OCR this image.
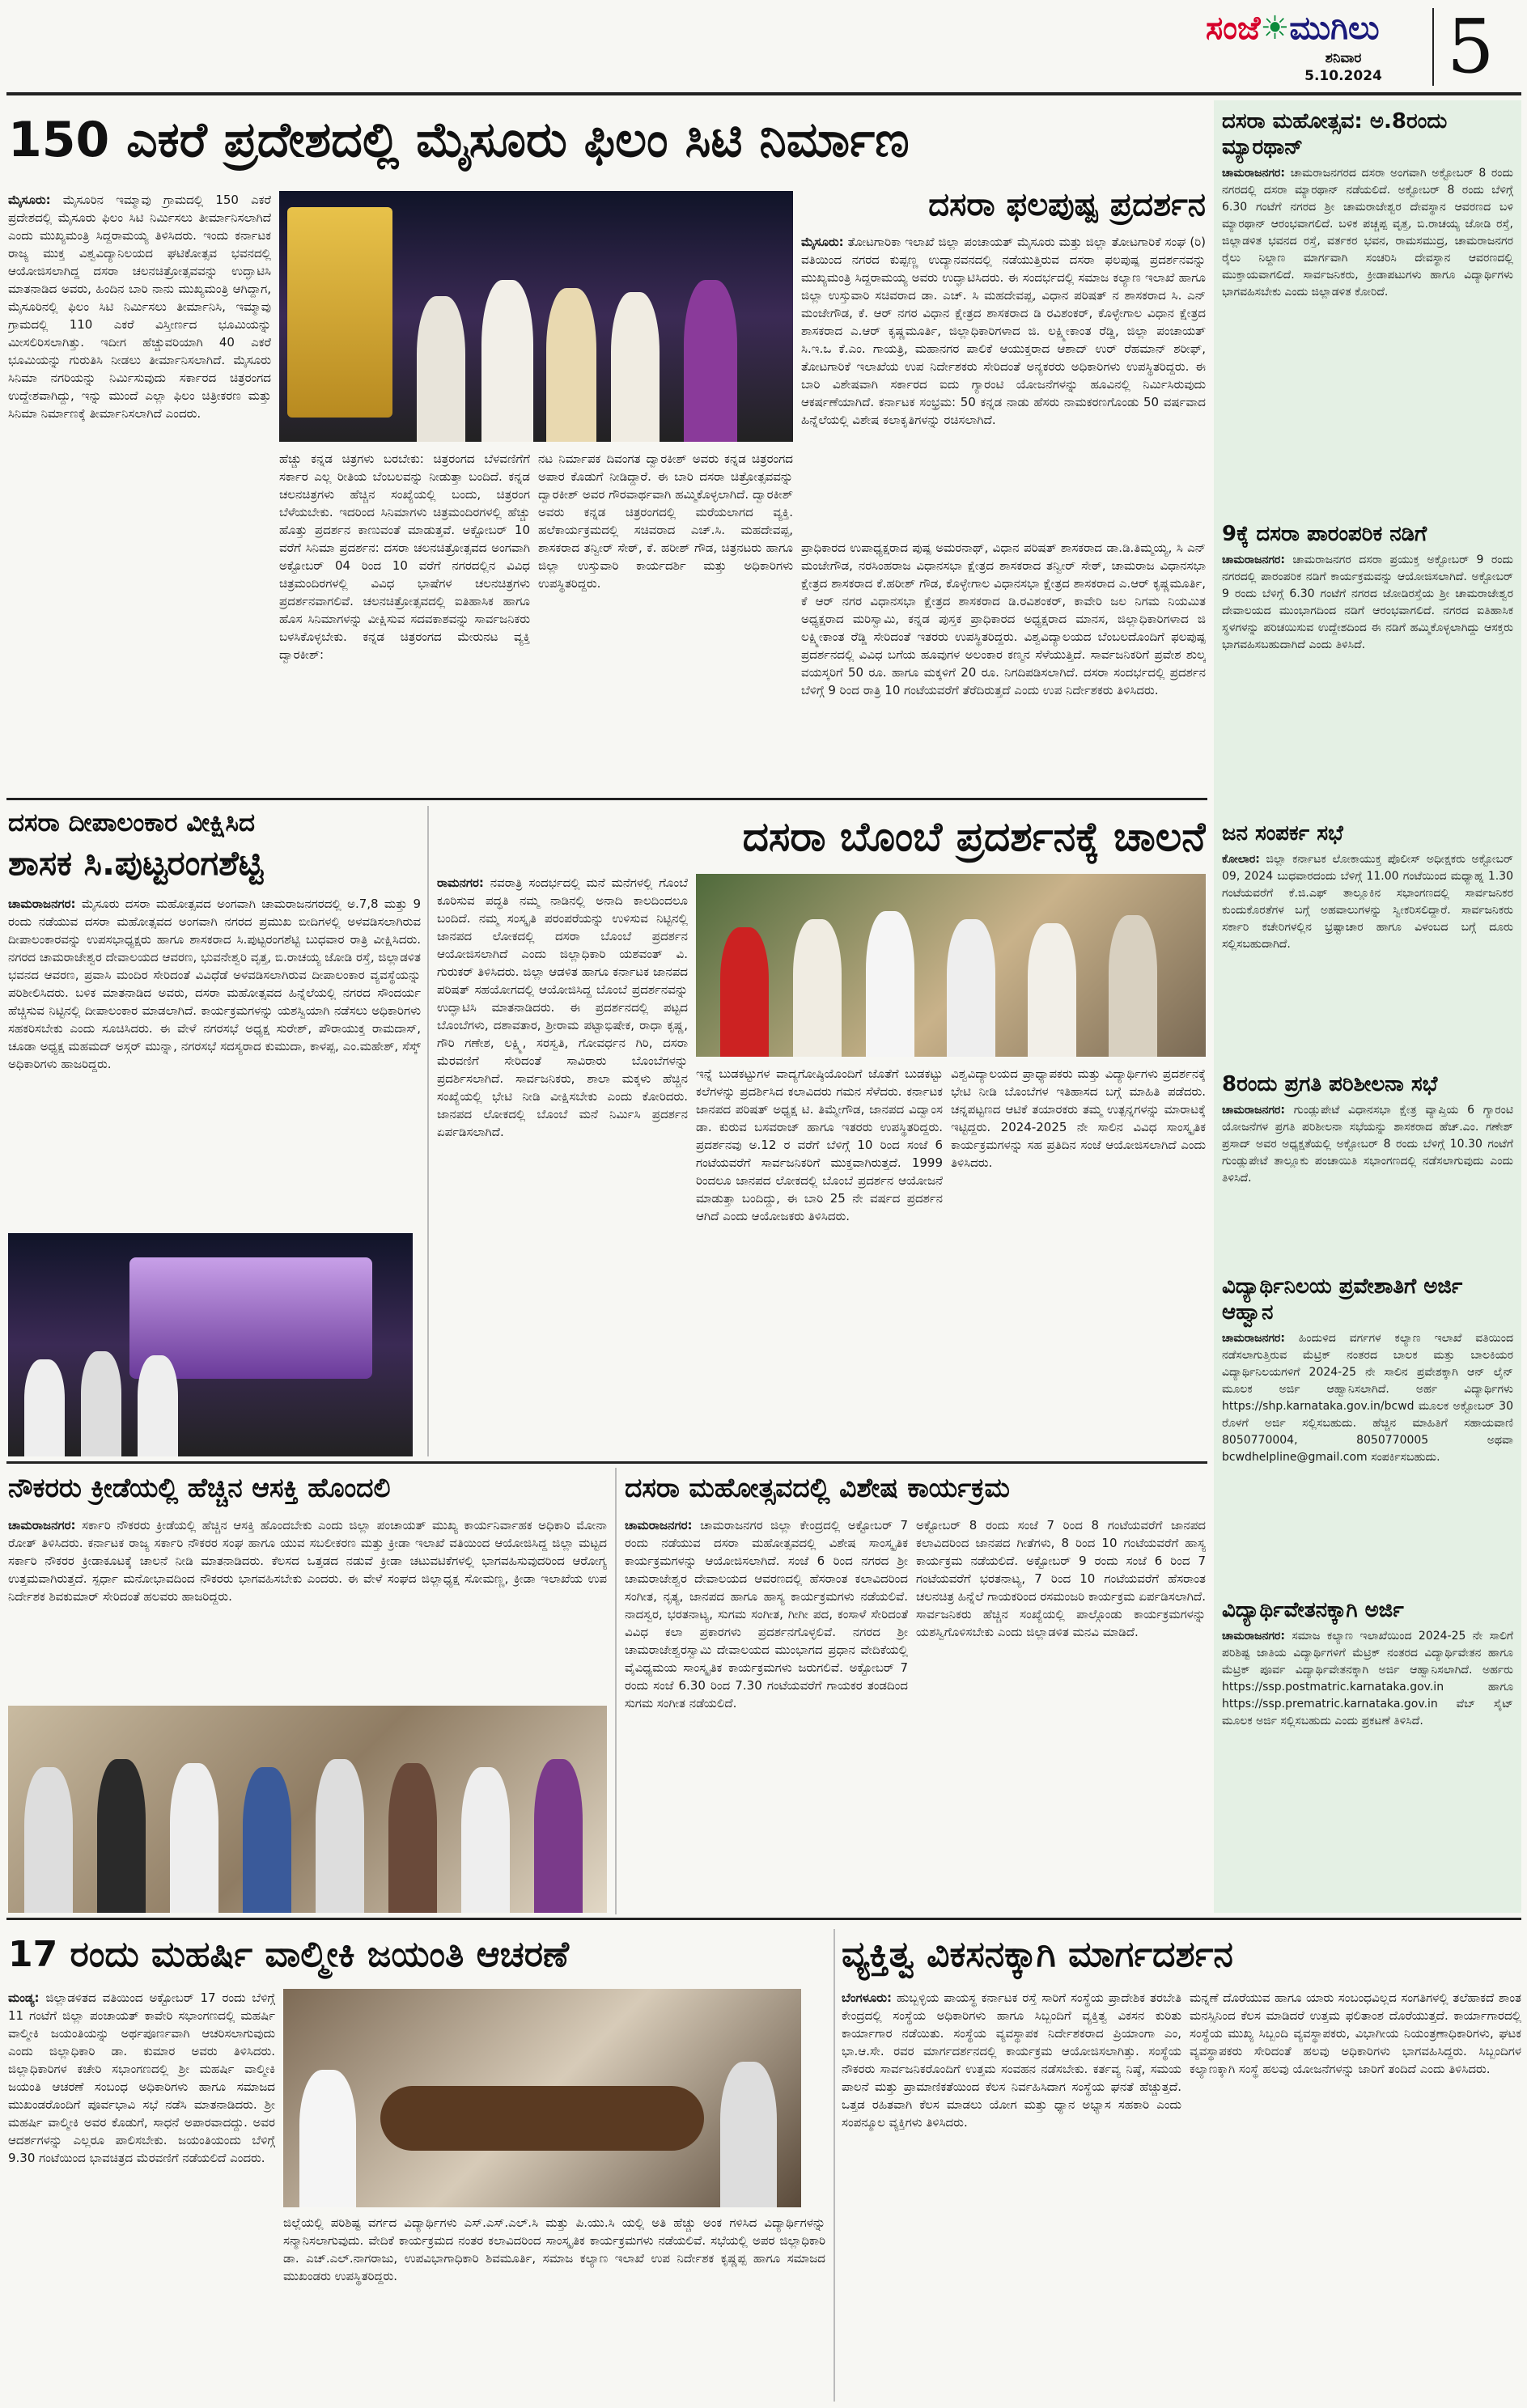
ಸಂಜೆ☀ಮುಗಿಲು
ಶನಿವಾರ
5.10.2024 5
150 ಎಕರೆ ಪ್ರದೇಶದಲ್ಲಿ ಮೈಸೂರು ಫಿಲಂ ಸಿಟಿ ನಿರ್ಮಾಣ
ಮೈಸೂರು: ಮೈಸೂರಿನ ಇಮ್ಮಾವು ಗ್ರಾಮದಲ್ಲಿ 150 ಎಕರೆ ಪ್ರದೇಶದಲ್ಲಿ ಮೈಸೂರು ಫಿಲಂ ಸಿಟಿ ನಿರ್ಮಿಸಲು ತೀರ್ಮಾನಿಸಲಾಗಿದೆ ಎಂದು ಮುಖ್ಯಮಂತ್ರಿ ಸಿದ್ದರಾಮಯ್ಯ ತಿಳಿಸಿದರು. ಇಂದು ಕರ್ನಾಟಕ ರಾಜ್ಯ ಮುಕ್ತ ವಿಶ್ವವಿದ್ಯಾನಿಲಯದ ಘಟಿಕೋತ್ಸವ ಭವನದಲ್ಲಿ ಆಯೋಜಿಸಲಾಗಿದ್ದ ದಸರಾ ಚಲನಚಿತ್ರೋತ್ಸವವನ್ನು ಉದ್ಘಾಟಿಸಿ ಮಾತನಾಡಿದ ಅವರು, ಹಿಂದಿನ ಬಾರಿ ನಾನು ಮುಖ್ಯಮಂತ್ರಿ ಆಗಿದ್ದಾಗ, ಮೈಸೂರಿನಲ್ಲಿ ಫಿಲಂ ಸಿಟಿ ನಿರ್ಮಿಸಲು ತೀರ್ಮಾನಿಸಿ, ಇಮ್ಮಾವು ಗ್ರಾಮದಲ್ಲಿ 110 ಎಕರೆ ವಿಸ್ತೀರ್ಣದ ಭೂಮಿಯನ್ನು ಮೀಸಲಿರಿಸಲಾಗಿತ್ತು. ಇದೀಗ ಹೆಚ್ಚುವರಿಯಾಗಿ 40 ಎಕರೆ ಭೂಮಿಯನ್ನು ಗುರುತಿಸಿ ನೀಡಲು ತೀರ್ಮಾನಿಸಲಾಗಿದೆ. ಮೈಸೂರು ಸಿನಿಮಾ ನಗರಿಯನ್ನು ನಿರ್ಮಿಸುವುದು ಸರ್ಕಾರದ ಚಿತ್ರರಂಗದ ಉದ್ದೇಶವಾಗಿದ್ದು, ಇನ್ನು ಮುಂದೆ ಎಲ್ಲಾ ಫಿಲಂ ಚಿತ್ರೀಕರಣ ಮತ್ತು ಸಿನಿಮಾ ನಿರ್ಮಾಣಕ್ಕೆ ತೀರ್ಮಾನಿಸಲಾಗಿದೆ ಎಂದರು.
ಹೆಚ್ಚು ಕನ್ನಡ ಚಿತ್ರಗಳು ಬರಬೇಕು: ಚಿತ್ರರಂಗದ ಬೆಳವಣಿಗೆಗೆ ಸರ್ಕಾರ ಎಲ್ಲ ರೀತಿಯ ಬೆಂಬಲವನ್ನು ನೀಡುತ್ತಾ ಬಂದಿದೆ. ಕನ್ನಡ ಚಲನಚಿತ್ರಗಳು ಹೆಚ್ಚಿನ ಸಂಖ್ಯೆಯಲ್ಲಿ ಬಂದು, ಚಿತ್ರರಂಗ ಬೆಳೆಯಬೇಕು. ಇದರಿಂದ ಸಿನಿಮಾಗಳು ಚಿತ್ರಮಂದಿರಗಳಲ್ಲಿ ಹೆಚ್ಚು ಹೊತ್ತು ಪ್ರದರ್ಶನ ಕಾಣುವಂತೆ ಮಾಡುತ್ತವೆ. ಅಕ್ಟೋಬರ್ 10 ವರೆಗೆ ಸಿನಿಮಾ ಪ್ರದರ್ಶನ: ದಸರಾ ಚಲನಚಿತ್ರೋತ್ಸವದ ಅಂಗವಾಗಿ ಅಕ್ಟೋಬರ್ 04 ರಿಂದ 10 ವರೆಗೆ ನಗರದಲ್ಲಿನ ವಿವಿಧ ಚಿತ್ರಮಂದಿರಗಳಲ್ಲಿ ವಿವಿಧ ಭಾಷೆಗಳ ಚಲನಚಿತ್ರಗಳು ಪ್ರದರ್ಶನವಾಗಲಿವೆ. ಚಲನಚಿತ್ರೋತ್ಸವದಲ್ಲಿ ಐತಿಹಾಸಿಕ ಹಾಗೂ ಹೊಸ ಸಿನಿಮಾಗಳನ್ನು ವೀಕ್ಷಿಸುವ ಸದವಕಾಶವನ್ನು ಸಾರ್ವಜನಿಕರು ಬಳಸಿಕೊಳ್ಳಬೇಕು. ಕನ್ನಡ ಚಿತ್ರರಂಗದ ಮೇರುನಟ ವ್ಯಕ್ತಿ ದ್ವಾರಕೀಶ್:
ನಟ ನಿರ್ಮಾಪಕ ದಿವಂಗತ ದ್ವಾರಕೀಶ್ ಅವರು ಕನ್ನಡ ಚಿತ್ರರಂಗದ ಅಪಾರ ಕೊಡುಗೆ ನೀಡಿದ್ದಾರೆ. ಈ ಬಾರಿ ದಸರಾ ಚಿತ್ರೋತ್ಸವವನ್ನು ದ್ವಾರಕೀಶ್ ಅವರ ಗೌರವಾರ್ಥವಾಗಿ ಹಮ್ಮಿಕೊಳ್ಳಲಾಗಿದೆ. ದ್ವಾರಕೀಶ್ ಅವರು ಕನ್ನಡ ಚಿತ್ರರಂಗದಲ್ಲಿ ಮರೆಯಲಾಗದ ವ್ಯಕ್ತಿ. ಹಲೆಕಾರ್ಯಕ್ರಮದಲ್ಲಿ ಸಚಿವರಾದ ಎಚ್.ಸಿ. ಮಹದೇವಪ್ಪ, ಶಾಸಕರಾದ ತನ್ವೀರ್ ಸೇಠ್, ಕೆ. ಹರೀಶ್ ಗೌಡ, ಚಿತ್ರನಟರು ಹಾಗೂ ಜಿಲ್ಲಾ ಉಸ್ತುವಾರಿ ಕಾರ್ಯದರ್ಶಿ ಮತ್ತು ಅಧಿಕಾರಿಗಳು ಉಪಸ್ಥಿತರಿದ್ದರು.
ದಸರಾ ಫಲಪುಷ್ಪ ಪ್ರದರ್ಶನ
ಮೈಸೂರು: ತೋಟಗಾರಿಕಾ ಇಲಾಖೆ ಜಿಲ್ಲಾ ಪಂಚಾಯತ್ ಮೈಸೂರು ಮತ್ತು ಜಿಲ್ಲಾ ತೋಟಗಾರಿಕೆ ಸಂಘ (ರಿ) ವತಿಯಿಂದ ನಗರದ ಕುಪ್ಪಣ್ಣ ಉದ್ಯಾನವನದಲ್ಲಿ ನಡೆಯುತ್ತಿರುವ ದಸರಾ ಫಲಪುಷ್ಪ ಪ್ರದರ್ಶನವನ್ನು ಮುಖ್ಯಮಂತ್ರಿ ಸಿದ್ದರಾಮಯ್ಯ ಅವರು ಉದ್ಘಾಟಿಸಿದರು. ಈ ಸಂದರ್ಭದಲ್ಲಿ ಸಮಾಜ ಕಲ್ಯಾಣ ಇಲಾಖೆ ಹಾಗೂ ಜಿಲ್ಲಾ ಉಸ್ತುವಾರಿ ಸಚಿವರಾದ ಡಾ. ಎಚ್. ಸಿ ಮಹದೇವಪ್ಪ, ವಿಧಾನ ಪರಿಷತ್ ನ ಶಾಸಕರಾದ ಸಿ. ಎನ್ ಮಂಜೇಗೌಡ, ಕೆ. ಆರ್ ನಗರ ವಿಧಾನ ಕ್ಷೇತ್ರದ ಶಾಸಕರಾದ ಡಿ ರವಿಶಂಕರ್, ಕೊಳ್ಳೇಗಾಲ ವಿಧಾನ ಕ್ಷೇತ್ರದ ಶಾಸಕರಾದ ಎ.ಆರ್ ಕೃಷ್ಣಮೂರ್ತಿ, ಜಿಲ್ಲಾಧಿಕಾರಿಗಳಾದ ಜಿ. ಲಕ್ಷ್ಮೀಕಾಂತ ರೆಡ್ಡಿ, ಜಿಲ್ಲಾ ಪಂಚಾಯತ್ ಸಿ.ಇ.ಒ ಕೆ.ಎಂ. ಗಾಯತ್ರಿ, ಮಹಾನಗರ ಪಾಲಿಕೆ ಆಯುಕ್ತರಾದ ಆಶಾದ್ ಉರ್ ರೆಹಮಾನ್ ಶರೀಫ್, ತೋಟಗಾರಿಕೆ ಇಲಾಖೆಯ ಉಪ ನಿರ್ದೇಶಕರು ಸೇರಿದಂತೆ ಅನ್ಯಕರರು ಅಧಿಕಾರಿಗಳು ಉಪಸ್ಥಿತರಿದ್ದರು. ಈ ಬಾರಿ ವಿಶೇಷವಾಗಿ ಸರ್ಕಾರದ ಐದು ಗ್ಯಾರಂಟಿ ಯೋಜನೆಗಳನ್ನು ಹೂವಿನಲ್ಲಿ ನಿರ್ಮಿಸಿರುವುದು ಆಕರ್ಷಣೆಯಾಗಿದೆ. ಕರ್ನಾಟಕ ಸಂಭ್ರಮ: 50 ಕನ್ನಡ ನಾಡು ಹೆಸರು ನಾಮಕರಣಗೊಂಡು 50 ವರ್ಷವಾದ ಹಿನ್ನೆಲೆಯಲ್ಲಿ ವಿಶೇಷ ಕಲಾಕೃತಿಗಳನ್ನು ರಚಿಸಲಾಗಿದೆ.
ಪ್ರಾಧಿಕಾರದ ಉಪಾಧ್ಯಕ್ಷರಾದ ಪುಷ್ಪ ಅಮರನಾಥ್, ವಿಧಾನ ಪರಿಷತ್ ಶಾಸಕರಾದ ಡಾ.ಡಿ.ತಿಮ್ಮಯ್ಯ, ಸಿ ಎನ್ ಮಂಜೇಗೌಡ, ನರಸಿಂಹರಾಜ ವಿಧಾನಸಭಾ ಕ್ಷೇತ್ರದ ಶಾಸಕರಾದ ತನ್ವೀರ್ ಸೇಠ್, ಚಾಮರಾಜ ವಿಧಾನಸಭಾ ಕ್ಷೇತ್ರದ ಶಾಸಕರಾದ ಕೆ.ಹರೀಶ್ ಗೌಡ, ಕೊಳ್ಳೇಗಾಲ ವಿಧಾನಸಭಾ ಕ್ಷೇತ್ರದ ಶಾಸಕರಾದ ಎ.ಆರ್ ಕೃಷ್ಣಮೂರ್ತಿ, ಕೆ ಆರ್ ನಗರ ವಿಧಾನಸಭಾ ಕ್ಷೇತ್ರದ ಶಾಸಕರಾದ ಡಿ.ರವಿಶಂಕರ್, ಕಾವೇರಿ ಜಲ ನಿಗಮ ನಿಯಮಿತ ಅಧ್ಯಕ್ಷರಾದ ಮರಿಸ್ವಾಮಿ, ಕನ್ನಡ ಪುಸ್ತಕ ಪ್ರಾಧಿಕಾರದ ಅಧ್ಯಕ್ಷರಾದ ಮಾನಸ, ಜಿಲ್ಲಾಧಿಕಾರಿಗಳಾದ ಜಿ ಲಕ್ಷ್ಮೀಕಾಂತ ರೆಡ್ಡಿ ಸೇರಿದಂತೆ ಇತರರು ಉಪಸ್ಥಿತರಿದ್ದರು. ವಿಶ್ವವಿದ್ಯಾಲಯದ ಬೆಂಬಲದೊಂದಿಗೆ ಫಲಪುಷ್ಪ ಪ್ರದರ್ಶನದಲ್ಲಿ ವಿವಿಧ ಬಗೆಯ ಹೂವುಗಳ ಅಲಂಕಾರ ಕಣ್ಮನ ಸೆಳೆಯುತ್ತಿದೆ. ಸಾರ್ವಜನಿಕರಿಗೆ ಪ್ರವೇಶ ಶುಲ್ಕ ವಯಸ್ಕರಿಗೆ 50 ರೂ. ಹಾಗೂ ಮಕ್ಕಳಿಗೆ 20 ರೂ. ನಿಗದಿಪಡಿಸಲಾಗಿದೆ. ದಸರಾ ಸಂದರ್ಭದಲ್ಲಿ ಪ್ರದರ್ಶನ ಬೆಳಿಗ್ಗೆ 9 ರಿಂದ ರಾತ್ರಿ 10 ಗಂಟೆಯವರೆಗೆ ತೆರೆದಿರುತ್ತದೆ ಎಂದು ಉಪ ನಿರ್ದೇಶಕರು ತಿಳಿಸಿದರು.
ದಸರಾ ದೀಪಾಲಂಕಾರ ವೀಕ್ಷಿಸಿದ
ಶಾಸಕ ಸಿ.ಪುಟ್ಟರಂಗಶೆಟ್ಟಿ
ಚಾಮರಾಜನಗರ: ಮೈಸೂರು ದಸರಾ ಮಹೋತ್ಸವದ ಅಂಗವಾಗಿ ಚಾಮರಾಜನಗರದಲ್ಲಿ ಅ.7,8 ಮತ್ತು 9 ರಂದು ನಡೆಯುವ ದಸರಾ ಮಹೋತ್ಸವದ ಅಂಗವಾಗಿ ನಗರದ ಪ್ರಮುಖ ಬೀದಿಗಳಲ್ಲಿ ಅಳವಡಿಸಲಾಗಿರುವ ದೀಪಾಲಂಕಾರವನ್ನು ಉಪಸಭಾಧ್ಯಕ್ಷರು ಹಾಗೂ ಶಾಸಕರಾದ ಸಿ.ಪುಟ್ಟರಂಗಶೆಟ್ಟಿ ಬುಧವಾರ ರಾತ್ರಿ ವೀಕ್ಷಿಸಿದರು. ನಗರದ ಚಾಮರಾಜೇಶ್ವರ ದೇವಾಲಯದ ಆವರಣ, ಭುವನೇಶ್ವರಿ ವೃತ್ತ, ಬಿ.ರಾಚಯ್ಯ ಜೋಡಿ ರಸ್ತೆ, ಜಿಲ್ಲಾಡಳಿತ ಭವನದ ಆವರಣ, ಪ್ರವಾಸಿ ಮಂದಿರ ಸೇರಿದಂತೆ ವಿವಿಧೆಡೆ ಅಳವಡಿಸಲಾಗಿರುವ ದೀಪಾಲಂಕಾರ ವ್ಯವಸ್ಥೆಯನ್ನು ಪರಿಶೀಲಿಸಿದರು. ಬಳಿಕ ಮಾತನಾಡಿದ ಅವರು, ದಸರಾ ಮಹೋತ್ಸವದ ಹಿನ್ನೆಲೆಯಲ್ಲಿ ನಗರದ ಸೌಂದರ್ಯ ಹೆಚ್ಚಿಸುವ ನಿಟ್ಟಿನಲ್ಲಿ ದೀಪಾಲಂಕಾರ ಮಾಡಲಾಗಿದೆ. ಕಾರ್ಯಕ್ರಮಗಳನ್ನು ಯಶಸ್ವಿಯಾಗಿ ನಡೆಸಲು ಅಧಿಕಾರಿಗಳು ಸಹಕರಿಸಬೇಕು ಎಂದು ಸೂಚಿಸಿದರು. ಈ ವೇಳೆ ನಗರಸಭೆ ಅಧ್ಯಕ್ಷ ಸುರೇಶ್, ಪೌರಾಯುಕ್ತ ರಾಮದಾಸ್, ಚೂಡಾ ಅಧ್ಯಕ್ಷ ಮಹಮದ್ ಅಸ್ಗರ್ ಮುನ್ನಾ, ನಗರಸಭೆ ಸದಸ್ಯರಾದ ಕುಮುದಾ, ಕಾಳಪ್ಪ, ಎಂ.ಮಹೇಶ್, ಸೆಸ್ಕ್ ಅಧಿಕಾರಿಗಳು ಹಾಜರಿದ್ದರು.
ದಸರಾ ಬೊಂಬೆ ಪ್ರದರ್ಶನಕ್ಕೆ ಚಾಲನೆ
ರಾಮನಗರ: ನವರಾತ್ರಿ ಸಂದರ್ಭದಲ್ಲಿ ಮನೆ ಮನೆಗಳಲ್ಲಿ ಗೊಂಬೆ ಕೂರಿಸುವ ಪದ್ಧತಿ ನಮ್ಮ ನಾಡಿನಲ್ಲಿ ಅನಾದಿ ಕಾಲದಿಂದಲೂ ಬಂದಿದೆ. ನಮ್ಮ ಸಂಸ್ಕೃತಿ ಪರಂಪರೆಯನ್ನು ಉಳಿಸುವ ನಿಟ್ಟಿನಲ್ಲಿ ಜಾನಪದ ಲೋಕದಲ್ಲಿ ದಸರಾ ಬೊಂಬೆ ಪ್ರದರ್ಶನ ಆಯೋಜಿಸಲಾಗಿದೆ ಎಂದು ಜಿಲ್ಲಾಧಿಕಾರಿ ಯಶವಂತ್ ವಿ. ಗುರುಕರ್ ತಿಳಿಸಿದರು. ಜಿಲ್ಲಾ ಆಡಳಿತ ಹಾಗೂ ಕರ್ನಾಟಕ ಜಾನಪದ ಪರಿಷತ್ ಸಹಯೋಗದಲ್ಲಿ ಆಯೋಜಿಸಿದ್ದ ಬೊಂಬೆ ಪ್ರದರ್ಶನವನ್ನು ಉದ್ಘಾಟಿಸಿ ಮಾತನಾಡಿದರು. ಈ ಪ್ರದರ್ಶನದಲ್ಲಿ ಪಟ್ಟದ ಬೊಂಬೆಗಳು, ದಶಾವತಾರ, ಶ್ರೀರಾಮ ಪಟ್ಟಾಭಿಷೇಕ, ರಾಧಾ ಕೃಷ್ಣ, ಗೌರಿ ಗಣೇಶ, ಲಕ್ಷ್ಮಿ, ಸರಸ್ವತಿ, ಗೋವರ್ಧನ ಗಿರಿ, ದಸರಾ ಮೆರವಣಿಗೆ ಸೇರಿದಂತೆ ಸಾವಿರಾರು ಬೊಂಬೆಗಳನ್ನು ಪ್ರದರ್ಶಿಸಲಾಗಿದೆ. ಸಾರ್ವಜನಿಕರು, ಶಾಲಾ ಮಕ್ಕಳು ಹೆಚ್ಚಿನ ಸಂಖ್ಯೆಯಲ್ಲಿ ಭೇಟಿ ನೀಡಿ ವೀಕ್ಷಿಸಬೇಕು ಎಂದು ಕೋರಿದರು. ಜಾನಪದ ಲೋಕದಲ್ಲಿ ಬೊಂಬೆ ಮನೆ ನಿರ್ಮಿಸಿ ಪ್ರದರ್ಶನ ಏರ್ಪಡಿಸಲಾಗಿದೆ.
ಇನ್ನೆ ಬುಡಕಟ್ಟುಗಳ ವಾದ್ಯಗೋಷ್ಠಿಯೊಂದಿಗೆ ಜೊತೆಗೆ ಬುಡಕಟ್ಟು ಕಲೆಗಳನ್ನು ಪ್ರದರ್ಶಿಸಿದ ಕಲಾವಿದರು ಗಮನ ಸೆಳೆದರು. ಕರ್ನಾಟಕ ಜಾನಪದ ಪರಿಷತ್ ಅಧ್ಯಕ್ಷ ಟಿ. ತಿಮ್ಮೇಗೌಡ, ಜಾನಪದ ವಿದ್ವಾಂಸ ಡಾ. ಕುರುವ ಬಸವರಾಜ್ ಹಾಗೂ ಇತರರು ಉಪಸ್ಥಿತರಿದ್ದರು. ಪ್ರದರ್ಶನವು ಅ.12 ರ ವರೆಗೆ ಬೆಳಿಗ್ಗೆ 10 ರಿಂದ ಸಂಜೆ 6 ಗಂಟೆಯವರೆಗೆ ಸಾರ್ವಜನಿಕರಿಗೆ ಮುಕ್ತವಾಗಿರುತ್ತದೆ. 1999 ರಿಂದಲೂ ಜಾನಪದ ಲೋಕದಲ್ಲಿ ಬೊಂಬೆ ಪ್ರದರ್ಶನ ಆಯೋಜನೆ ಮಾಡುತ್ತಾ ಬಂದಿದ್ದು, ಈ ಬಾರಿ 25 ನೇ ವರ್ಷದ ಪ್ರದರ್ಶನ ಆಗಿದೆ ಎಂದು ಆಯೋಜಕರು ತಿಳಿಸಿದರು.
ವಿಶ್ವವಿದ್ಯಾಲಯದ ಪ್ರಾಧ್ಯಾಪಕರು ಮತ್ತು ವಿದ್ಯಾರ್ಥಿಗಳು ಪ್ರದರ್ಶನಕ್ಕೆ ಭೇಟಿ ನೀಡಿ ಬೊಂಬೆಗಳ ಇತಿಹಾಸದ ಬಗ್ಗೆ ಮಾಹಿತಿ ಪಡೆದರು. ಚನ್ನಪಟ್ಟಣದ ಆಟಿಕೆ ತಯಾರಕರು ತಮ್ಮ ಉತ್ಪನ್ನಗಳನ್ನು ಮಾರಾಟಕ್ಕೆ ಇಟ್ಟಿದ್ದರು. 2024-2025 ನೇ ಸಾಲಿನ ವಿವಿಧ ಸಾಂಸ್ಕೃತಿಕ ಕಾರ್ಯಕ್ರಮಗಳನ್ನು ಸಹ ಪ್ರತಿದಿನ ಸಂಜೆ ಆಯೋಜಿಸಲಾಗಿದೆ ಎಂದು ತಿಳಿಸಿದರು.
ನೌಕರರು ಕ್ರೀಡೆಯಲ್ಲಿ ಹೆಚ್ಚಿನ ಆಸಕ್ತಿ ಹೊಂದಲಿ
ಚಾಮರಾಜನಗರ: ಸರ್ಕಾರಿ ನೌಕರರು ಕ್ರೀಡೆಯಲ್ಲಿ ಹೆಚ್ಚಿನ ಆಸಕ್ತಿ ಹೊಂದಬೇಕು ಎಂದು ಜಿಲ್ಲಾ ಪಂಚಾಯತ್ ಮುಖ್ಯ ಕಾರ್ಯನಿರ್ವಾಹಕ ಅಧಿಕಾರಿ ಮೋನಾ ರೋತ್ ತಿಳಿಸಿದರು. ಕರ್ನಾಟಕ ರಾಜ್ಯ ಸರ್ಕಾರಿ ನೌಕರರ ಸಂಘ ಹಾಗೂ ಯುವ ಸಬಲೀಕರಣ ಮತ್ತು ಕ್ರೀಡಾ ಇಲಾಖೆ ವತಿಯಿಂದ ಆಯೋಜಿಸಿದ್ದ ಜಿಲ್ಲಾ ಮಟ್ಟದ ಸರ್ಕಾರಿ ನೌಕರರ ಕ್ರೀಡಾಕೂಟಕ್ಕೆ ಚಾಲನೆ ನೀಡಿ ಮಾತನಾಡಿದರು. ಕೆಲಸದ ಒತ್ತಡದ ನಡುವೆ ಕ್ರೀಡಾ ಚಟುವಟಿಕೆಗಳಲ್ಲಿ ಭಾಗವಹಿಸುವುದರಿಂದ ಆರೋಗ್ಯ ಉತ್ತಮವಾಗಿರುತ್ತದೆ. ಸ್ಪರ್ಧಾ ಮನೋಭಾವದಿಂದ ನೌಕರರು ಭಾಗವಹಿಸಬೇಕು ಎಂದರು. ಈ ವೇಳೆ ಸಂಘದ ಜಿಲ್ಲಾಧ್ಯಕ್ಷ ಸೋಮಣ್ಣ, ಕ್ರೀಡಾ ಇಲಾಖೆಯ ಉಪ ನಿರ್ದೇಶಕ ಶಿವಕುಮಾರ್ ಸೇರಿದಂತೆ ಹಲವರು ಹಾಜರಿದ್ದರು.
ದಸರಾ ಮಹೋತ್ಸವದಲ್ಲಿ ವಿಶೇಷ ಕಾರ್ಯಕ್ರಮ
ಚಾಮರಾಜನಗರ: ಚಾಮರಾಜನಗರ ಜಿಲ್ಲಾ ಕೇಂದ್ರದಲ್ಲಿ ಅಕ್ಟೋಬರ್ 7 ರಂದು ನಡೆಯುವ ದಸರಾ ಮಹೋತ್ಸವದಲ್ಲಿ ವಿಶೇಷ ಸಾಂಸ್ಕೃತಿಕ ಕಾರ್ಯಕ್ರಮಗಳನ್ನು ಆಯೋಜಿಸಲಾಗಿದೆ. ಸಂಜೆ 6 ರಿಂದ ನಗರದ ಶ್ರೀ ಚಾಮರಾಜೇಶ್ವರ ದೇವಾಲಯದ ಆವರಣದಲ್ಲಿ ಹೆಸರಾಂತ ಕಲಾವಿದರಿಂದ ಸಂಗೀತ, ನೃತ್ಯ, ಜಾನಪದ ಹಾಗೂ ಹಾಸ್ಯ ಕಾರ್ಯಕ್ರಮಗಳು ನಡೆಯಲಿವೆ. ನಾದಸ್ವರ, ಭರತನಾಟ್ಯ, ಸುಗಮ ಸಂಗೀತ, ಗೀಗೀ ಪದ, ಕಂಸಾಳೆ ಸೇರಿದಂತೆ ವಿವಿಧ ಕಲಾ ಪ್ರಕಾರಗಳು ಪ್ರದರ್ಶನಗೊಳ್ಳಲಿವೆ. ನಗರದ ಶ್ರೀ ಚಾಮರಾಜೇಶ್ವರಸ್ವಾಮಿ ದೇವಾಲಯದ ಮುಂಭಾಗದ ಪ್ರಧಾನ ವೇದಿಕೆಯಲ್ಲಿ ವೈವಿಧ್ಯಮಯ ಸಾಂಸ್ಕೃತಿಕ ಕಾರ್ಯಕ್ರಮಗಳು ಜರುಗಲಿವೆ. ಅಕ್ಟೋಬರ್ 7 ರಂದು ಸಂಜೆ 6.30 ರಿಂದ 7.30 ಗಂಟೆಯವರೆಗೆ ಗಾಯಕರ ತಂಡದಿಂದ ಸುಗಮ ಸಂಗೀತ ನಡೆಯಲಿದೆ.
ಅಕ್ಟೋಬರ್ 8 ರಂದು ಸಂಜೆ 7 ರಿಂದ 8 ಗಂಟೆಯವರೆಗೆ ಜಾನಪದ ಕಲಾವಿದರಿಂದ ಜಾನಪದ ಗೀತೆಗಳು, 8 ರಿಂದ 10 ಗಂಟೆಯವರೆಗೆ ಹಾಸ್ಯ ಕಾರ್ಯಕ್ರಮ ನಡೆಯಲಿದೆ. ಅಕ್ಟೋಬರ್ 9 ರಂದು ಸಂಜೆ 6 ರಿಂದ 7 ಗಂಟೆಯವರೆಗೆ ಭರತನಾಟ್ಯ, 7 ರಿಂದ 10 ಗಂಟೆಯವರೆಗೆ ಹೆಸರಾಂತ ಚಲನಚಿತ್ರ ಹಿನ್ನೆಲೆ ಗಾಯಕರಿಂದ ರಸಮಂಜರಿ ಕಾರ್ಯಕ್ರಮ ಏರ್ಪಡಿಸಲಾಗಿದೆ. ಸಾರ್ವಜನಿಕರು ಹೆಚ್ಚಿನ ಸಂಖ್ಯೆಯಲ್ಲಿ ಪಾಲ್ಗೊಂಡು ಕಾರ್ಯಕ್ರಮಗಳನ್ನು ಯಶಸ್ವಿಗೊಳಿಸಬೇಕು ಎಂದು ಜಿಲ್ಲಾಡಳಿತ ಮನವಿ ಮಾಡಿದೆ.
17 ರಂದು ಮಹರ್ಷಿ ವಾಲ್ಮೀಕಿ ಜಯಂತಿ ಆಚರಣೆ
ಮಂಡ್ಯ: ಜಿಲ್ಲಾಡಳಿತದ ವತಿಯಿಂದ ಅಕ್ಟೋಬರ್ 17 ರಂದು ಬೆಳಿಗ್ಗೆ 11 ಗಂಟೆಗೆ ಜಿಲ್ಲಾ ಪಂಚಾಯತ್ ಕಾವೇರಿ ಸಭಾಂಗಣದಲ್ಲಿ ಮಹರ್ಷಿ ವಾಲ್ಮೀಕಿ ಜಯಂತಿಯನ್ನು ಅರ್ಥಪೂರ್ಣವಾಗಿ ಆಚರಿಸಲಾಗುವುದು ಎಂದು ಜಿಲ್ಲಾಧಿಕಾರಿ ಡಾ. ಕುಮಾರ ಅವರು ತಿಳಿಸಿದರು. ಜಿಲ್ಲಾಧಿಕಾರಿಗಳ ಕಚೇರಿ ಸಭಾಂಗಣದಲ್ಲಿ ಶ್ರೀ ಮಹರ್ಷಿ ವಾಲ್ಮೀಕಿ ಜಯಂತಿ ಆಚರಣೆ ಸಂಬಂಧ ಅಧಿಕಾರಿಗಳು ಹಾಗೂ ಸಮಾಜದ ಮುಖಂಡರೊಂದಿಗೆ ಪೂರ್ವಭಾವಿ ಸಭೆ ನಡೆಸಿ ಮಾತನಾಡಿದರು. ಶ್ರೀ ಮಹರ್ಷಿ ವಾಲ್ಮೀಕಿ ಅವರ ಕೊಡುಗೆ, ಸಾಧನೆ ಅಪಾರವಾದದ್ದು. ಅವರ ಆದರ್ಶಗಳನ್ನು ಎಲ್ಲರೂ ಪಾಲಿಸಬೇಕು. ಜಯಂತಿಯಂದು ಬೆಳಿಗ್ಗೆ 9.30 ಗಂಟೆಯಿಂದ ಭಾವಚಿತ್ರದ ಮೆರವಣಿಗೆ ನಡೆಯಲಿದೆ ಎಂದರು.
ಜಿಲ್ಲೆಯಲ್ಲಿ ಪರಿಶಿಷ್ಟ ವರ್ಗದ ವಿದ್ಯಾರ್ಥಿಗಳು ಎಸ್.ಎಸ್.ಎಲ್.ಸಿ ಮತ್ತು ಪಿ.ಯು.ಸಿ ಯಲ್ಲಿ ಅತಿ ಹೆಚ್ಚು ಅಂಕ ಗಳಿಸಿದ ವಿದ್ಯಾರ್ಥಿಗಳನ್ನು ಸನ್ಮಾನಿಸಲಾಗುವುದು. ವೇದಿಕೆ ಕಾರ್ಯಕ್ರಮದ ನಂತರ ಕಲಾವಿದರಿಂದ ಸಾಂಸ್ಕೃತಿಕ ಕಾರ್ಯಕ್ರಮಗಳು ನಡೆಯಲಿವೆ. ಸಭೆಯಲ್ಲಿ ಅಪರ ಜಿಲ್ಲಾಧಿಕಾರಿ ಡಾ. ಎಚ್.ಎಲ್.ನಾಗರಾಜು, ಉಪವಿಭಾಗಾಧಿಕಾರಿ ಶಿವಮೂರ್ತಿ, ಸಮಾಜ ಕಲ್ಯಾಣ ಇಲಾಖೆ ಉಪ ನಿರ್ದೇಶಕ ಕೃಷ್ಣಪ್ಪ ಹಾಗೂ ಸಮಾಜದ ಮುಖಂಡರು ಉಪಸ್ಥಿತರಿದ್ದರು.
ವ್ಯಕ್ತಿತ್ವ ವಿಕಸನಕ್ಕಾಗಿ ಮಾರ್ಗದರ್ಶನ
ಬೆಂಗಳೂರು: ಹುಬ್ಬಳ್ಳಿಯ ಪಾಯಸ್ಥ ಕರ್ನಾಟಕ ರಸ್ತೆ ಸಾರಿಗೆ ಸಂಸ್ಥೆಯ ಪ್ರಾದೇಶಿಕ ತರಬೇತಿ ಕೇಂದ್ರದಲ್ಲಿ ಸಂಸ್ಥೆಯ ಅಧಿಕಾರಿಗಳು ಹಾಗೂ ಸಿಬ್ಬಂದಿಗೆ ವ್ಯಕ್ತಿತ್ವ ವಿಕಸನ ಕುರಿತು ಕಾರ್ಯಾಗಾರ ನಡೆಯಿತು. ಸಂಸ್ಥೆಯ ವ್ಯವಸ್ಥಾಪಕ ನಿರ್ದೇಶಕರಾದ ಪ್ರಿಯಾಂಗಾ ಎಂ, ಭಾ.ಆ.ಸೇ. ರವರ ಮಾರ್ಗದರ್ಶನದಲ್ಲಿ ಕಾರ್ಯಕ್ರಮ ಆಯೋಜಿಸಲಾಗಿತ್ತು. ಸಂಸ್ಥೆಯ ನೌಕರರು ಸಾರ್ವಜನಿಕರೊಂದಿಗೆ ಉತ್ತಮ ಸಂವಹನ ನಡೆಸಬೇಕು. ಕರ್ತವ್ಯ ನಿಷ್ಠೆ, ಸಮಯ ಪಾಲನೆ ಮತ್ತು ಪ್ರಾಮಾಣಿಕತೆಯಿಂದ ಕೆಲಸ ನಿರ್ವಹಿಸಿದಾಗ ಸಂಸ್ಥೆಯ ಘನತೆ ಹೆಚ್ಚುತ್ತದೆ. ಒತ್ತಡ ರಹಿತವಾಗಿ ಕೆಲಸ ಮಾಡಲು ಯೋಗ ಮತ್ತು ಧ್ಯಾನ ಅಭ್ಯಾಸ ಸಹಕಾರಿ ಎಂದು ಸಂಪನ್ಮೂಲ ವ್ಯಕ್ತಿಗಳು ತಿಳಿಸಿದರು.
ಮನ್ನಣೆ ದೊರೆಯುವ ಹಾಗೂ ಯಾರು ಸಂಬಂಧವಿಲ್ಲದ ಸಂಗತಿಗಳಲ್ಲಿ ತಲೆಹಾಕದೆ ಶಾಂತ ಮನಸ್ಸಿನಿಂದ ಕೆಲಸ ಮಾಡಿದರೆ ಉತ್ತಮ ಫಲಿತಾಂಶ ದೊರೆಯುತ್ತದೆ. ಕಾರ್ಯಾಗಾರದಲ್ಲಿ ಸಂಸ್ಥೆಯ ಮುಖ್ಯ ಸಿಬ್ಬಂದಿ ವ್ಯವಸ್ಥಾಪಕರು, ವಿಭಾಗೀಯ ನಿಯಂತ್ರಣಾಧಿಕಾರಿಗಳು, ಘಟಕ ವ್ಯವಸ್ಥಾಪಕರು ಸೇರಿದಂತೆ ಹಲವು ಅಧಿಕಾರಿಗಳು ಭಾಗವಹಿಸಿದ್ದರು. ಸಿಬ್ಬಂದಿಗಳ ಕಲ್ಯಾಣಕ್ಕಾಗಿ ಸಂಸ್ಥೆ ಹಲವು ಯೋಜನೆಗಳನ್ನು ಜಾರಿಗೆ ತಂದಿದೆ ಎಂದು ತಿಳಿಸಿದರು.
ದಸರಾ ಮಹೋತ್ಸವ: ಅ.8ರಂದು ಮ್ಯಾರಥಾನ್
ಚಾಮರಾಜನಗರ: ಚಾಮರಾಜನಗರದ ದಸರಾ ಅಂಗವಾಗಿ ಅಕ್ಟೋಬರ್ 8 ರಂದು ನಗರದಲ್ಲಿ ದಸರಾ ಮ್ಯಾರಥಾನ್ ನಡೆಯಲಿದೆ. ಅಕ್ಟೋಬರ್ 8 ರಂದು ಬೆಳಿಗ್ಗೆ 6.30 ಗಂಟೆಗೆ ನಗರದ ಶ್ರೀ ಚಾಮರಾಜೇಶ್ವರ ದೇವಸ್ಥಾನ ಆವರಣದ ಬಳಿ ಮ್ಯಾರಥಾನ್ ಆರಂಭವಾಗಲಿದೆ. ಬಳಿಕ ಪಚ್ಚಪ್ಪ ವೃತ್ತ, ಬಿ.ರಾಚಯ್ಯ ಜೋಡಿ ರಸ್ತೆ, ಜಿಲ್ಲಾಡಳಿತ ಭವನದ ರಸ್ತೆ, ವರ್ತಕರ ಭವನ, ರಾಮಸಮುದ್ರ, ಚಾಮರಾಜನಗರ ರೈಲು ನಿಲ್ದಾಣ ಮಾರ್ಗವಾಗಿ ಸಂಚರಿಸಿ ದೇವಸ್ಥಾನ ಆವರಣದಲ್ಲಿ ಮುಕ್ತಾಯವಾಗಲಿದೆ. ಸಾರ್ವಜನಿಕರು, ಕ್ರೀಡಾಪಟುಗಳು ಹಾಗೂ ವಿದ್ಯಾರ್ಥಿಗಳು ಭಾಗವಹಿಸಬೇಕು ಎಂದು ಜಿಲ್ಲಾಡಳಿತ ಕೋರಿದೆ.
9ಕ್ಕೆ ದಸರಾ ಪಾರಂಪರಿಕ ನಡಿಗೆ
ಚಾಮರಾಜನಗರ: ಚಾಮರಾಜನಗರ ದಸರಾ ಪ್ರಯುಕ್ತ ಅಕ್ಟೋಬರ್ 9 ರಂದು ನಗರದಲ್ಲಿ ಪಾರಂಪರಿಕ ನಡಿಗೆ ಕಾರ್ಯಕ್ರಮವನ್ನು ಆಯೋಜಿಸಲಾಗಿದೆ. ಅಕ್ಟೋಬರ್ 9 ರಂದು ಬೆಳಿಗ್ಗೆ 6.30 ಗಂಟೆಗೆ ನಗರದ ಜೋಡಿರಸ್ತೆಯ ಶ್ರೀ ಚಾಮರಾಜೇಶ್ವರ ದೇವಾಲಯದ ಮುಂಭಾಗದಿಂದ ನಡಿಗೆ ಆರಂಭವಾಗಲಿದೆ. ನಗರದ ಐತಿಹಾಸಿಕ ಸ್ಥಳಗಳನ್ನು ಪರಿಚಯಿಸುವ ಉದ್ದೇಶದಿಂದ ಈ ನಡಿಗೆ ಹಮ್ಮಿಕೊಳ್ಳಲಾಗಿದ್ದು ಆಸಕ್ತರು ಭಾಗವಹಿಸಬಹುದಾಗಿದೆ ಎಂದು ತಿಳಿಸಿದೆ.
ಜನ ಸಂಪರ್ಕ ಸಭೆ
ಕೋಲಾರ: ಜಿಲ್ಲಾ ಕರ್ನಾಟಕ ಲೋಕಾಯುಕ್ತ ಪೊಲೀಸ್ ಅಧೀಕ್ಷಕರು ಅಕ್ಟೋಬರ್ 09, 2024 ಬುಧವಾರದಂದು ಬೆಳಿಗ್ಗೆ 11.00 ಗಂಟೆಯಿಂದ ಮಧ್ಯಾಹ್ನ 1.30 ಗಂಟೆಯವರೆಗೆ ಕೆ.ಜಿ.ಎಫ್ ತಾಲ್ಲೂಕಿನ ಸಭಾಂಗಣದಲ್ಲಿ ಸಾರ್ವಜನಿಕರ ಕುಂದುಕೊರತೆಗಳ ಬಗ್ಗೆ ಅಹವಾಲುಗಳನ್ನು ಸ್ವೀಕರಿಸಲಿದ್ದಾರೆ. ಸಾರ್ವಜನಿಕರು ಸರ್ಕಾರಿ ಕಚೇರಿಗಳಲ್ಲಿನ ಭ್ರಷ್ಟಾಚಾರ ಹಾಗೂ ವಿಳಂಬದ ಬಗ್ಗೆ ದೂರು ಸಲ್ಲಿಸಬಹುದಾಗಿದೆ.
8ರಂದು ಪ್ರಗತಿ ಪರಿಶೀಲನಾ ಸಭೆ
ಚಾಮರಾಜನಗರ: ಗುಂಡ್ಲುಪೇಟೆ ವಿಧಾನಸಭಾ ಕ್ಷೇತ್ರ ವ್ಯಾಪ್ತಿಯ 6 ಗ್ಯಾರಂಟಿ ಯೋಜನೆಗಳ ಪ್ರಗತಿ ಪರಿಶೀಲನಾ ಸಭೆಯನ್ನು ಶಾಸಕರಾದ ಹೆಚ್.ಎಂ. ಗಣೇಶ್ ಪ್ರಸಾದ್ ಅವರ ಅಧ್ಯಕ್ಷತೆಯಲ್ಲಿ ಅಕ್ಟೋಬರ್ 8 ರಂದು ಬೆಳಿಗ್ಗೆ 10.30 ಗಂಟೆಗೆ ಗುಂಡ್ಲುಪೇಟೆ ತಾಲ್ಲೂಕು ಪಂಚಾಯಿತಿ ಸಭಾಂಗಣದಲ್ಲಿ ನಡೆಸಲಾಗುವುದು ಎಂದು ತಿಳಿಸಿದೆ.
ವಿದ್ಯಾರ್ಥಿನಿಲಯ ಪ್ರವೇಶಾತಿಗೆ ಅರ್ಜಿ ಆಹ್ವಾನ
ಚಾಮರಾಜನಗರ: ಹಿಂದುಳಿದ ವರ್ಗಗಳ ಕಲ್ಯಾಣ ಇಲಾಖೆ ವತಿಯಿಂದ ನಡೆಸಲಾಗುತ್ತಿರುವ ಮೆಟ್ರಿಕ್ ನಂತರದ ಬಾಲಕ ಮತ್ತು ಬಾಲಕಿಯರ ವಿದ್ಯಾರ್ಥಿನಿಲಯಗಳಿಗೆ 2024-25 ನೇ ಸಾಲಿನ ಪ್ರವೇಶಕ್ಕಾಗಿ ಆನ್ ಲೈನ್ ಮೂಲಕ ಅರ್ಜಿ ಆಹ್ವಾನಿಸಲಾಗಿದೆ. ಅರ್ಹ ವಿದ್ಯಾರ್ಥಿಗಳು https://shp.karnataka.gov.in/bcwd ಮೂಲಕ ಅಕ್ಟೋಬರ್ 30 ರೊಳಗೆ ಅರ್ಜಿ ಸಲ್ಲಿಸಬಹುದು. ಹೆಚ್ಚಿನ ಮಾಹಿತಿಗೆ ಸಹಾಯವಾಣಿ 8050770004, 8050770005 ಅಥವಾ bcwdhelpline@gmail.com ಸಂಪರ್ಕಿಸಬಹುದು.
ವಿದ್ಯಾರ್ಥಿವೇತನಕ್ಕಾಗಿ ಅರ್ಜಿ
ಚಾಮರಾಜನಗರ: ಸಮಾಜ ಕಲ್ಯಾಣ ಇಲಾಖೆಯಿಂದ 2024-25 ನೇ ಸಾಲಿಗೆ ಪರಿಶಿಷ್ಟ ಜಾತಿಯ ವಿದ್ಯಾರ್ಥಿಗಳಿಗೆ ಮೆಟ್ರಿಕ್ ನಂತರದ ವಿದ್ಯಾರ್ಥಿವೇತನ ಹಾಗೂ ಮೆಟ್ರಿಕ್ ಪೂರ್ವ ವಿದ್ಯಾರ್ಥಿವೇತನಕ್ಕಾಗಿ ಅರ್ಜಿ ಆಹ್ವಾನಿಸಲಾಗಿದೆ. ಅರ್ಹರು https://ssp.postmatric.karnataka.gov.in ಹಾಗೂ https://ssp.prematric.karnataka.gov.in ವೆಬ್ ಸೈಟ್ ಮೂಲಕ ಅರ್ಜಿ ಸಲ್ಲಿಸಬಹುದು ಎಂದು ಪ್ರಕಟಣೆ ತಿಳಿಸಿದೆ.
